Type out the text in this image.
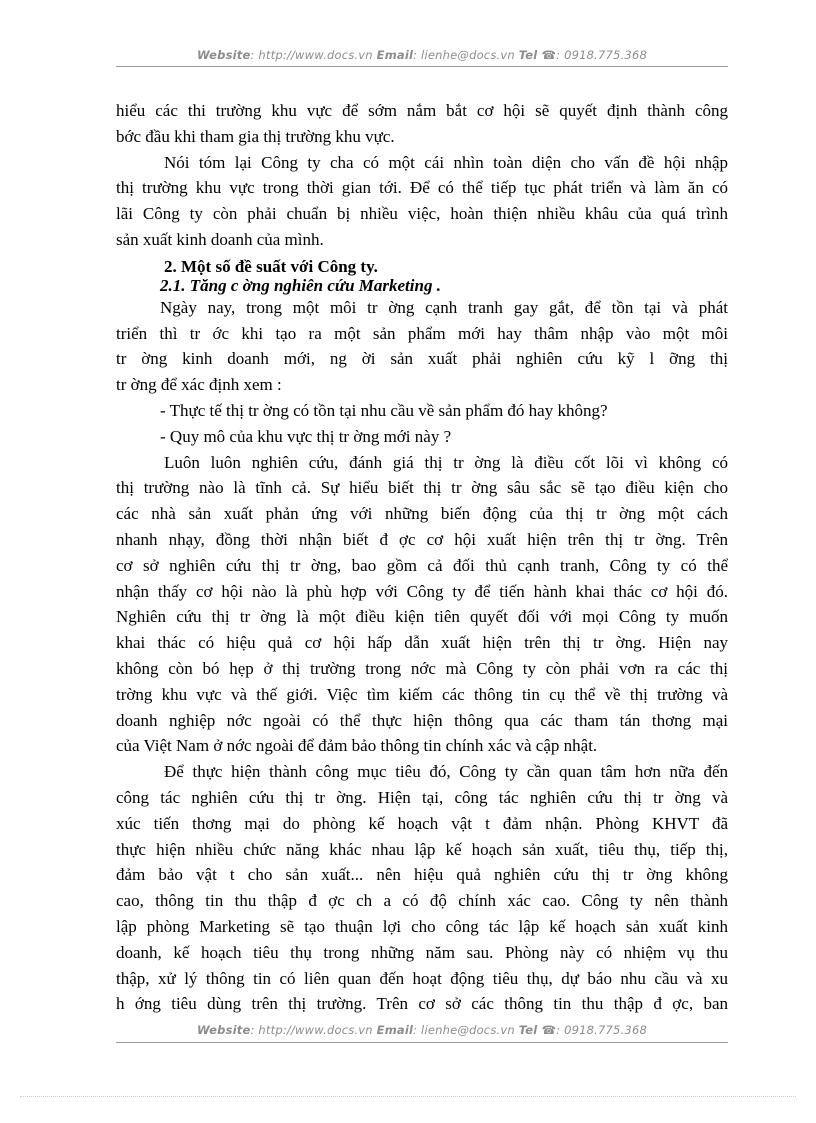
Website: http://www.docs.vn Email: lienhe@docs.vn Tel ☎: 0918.775.368
hiểu các thi trường khu vực để sớm nắm bắt cơ hội sẽ quyết định thành công
bớc đầu khi tham gia thị trường khu vực.
Nói tóm lại Công ty cha có một cái nhìn toàn diện cho vấn đề hội nhập
thị trường khu vực trong thời gian tới. Để có thể tiếp tục phát triển và làm ăn có
lãi Công ty còn phải chuẩn bị nhiều việc, hoàn thiện nhiều khâu của quá trình
sản xuất kinh doanh của mình.
2. Một số đề suất với Công ty.
2.1. Tăng c ờng nghiên cứu Marketing .
Ngày nay, trong một môi tr ờng cạnh tranh gay gắt, để tồn tại và phát
triển thì tr ớc khi tạo ra một sản phẩm mới hay thâm nhập vào một môi
tr ờng kinh doanh mới, ng ời sản xuất phải nghiên cứu kỹ l ỡng thị
tr ờng để xác định xem :
- Thực tế thị tr ờng có tồn tại nhu cầu về sản phẩm đó hay không?
- Quy mô của khu vực thị tr ờng mới này ?
Luôn luôn nghiên cứu, đánh giá thị tr ờng là điều cốt lõi vì không có
thị trường nào là tĩnh cả. Sự hiểu biết thị tr ờng sâu sắc sẽ tạo điều kiện cho
các nhà sản xuất phản ứng với những biến động của thị tr ờng một cách
nhanh nhạy, đồng thời nhận biết đ ợc cơ hội xuất hiện trên thị tr ờng. Trên
cơ sở nghiên cứu thị tr ờng, bao gồm cả đối thủ cạnh tranh, Công ty có thể
nhận thấy cơ hội nào là phù hợp với Công ty để tiến hành khai thác cơ hội đó.
Nghiên cứu thị tr ờng là một điều kiện tiên quyết đối với mọi Công ty muốn
khai thác có hiệu quả cơ hội hấp dẫn xuất hiện trên thị tr ờng. Hiện nay
không còn bó hẹp ở thị trường trong nớc mà Công ty còn phải vơn ra các thị
trờng khu vực và thế giới. Việc tìm kiếm các thông tin cụ thể về thị trường và
doanh nghiệp nớc ngoài có thể thực hiện thông qua các tham tán thơng mại
của Việt Nam ở nớc ngoài để đảm bảo thông tin chính xác và cập nhật.
Để thực hiện thành công mục tiêu đó, Công ty cần quan tâm hơn nữa đến
công tác nghiên cứu thị tr ờng. Hiện tại, công tác nghiên cứu thị tr ờng và
xúc tiến thơng mại do phòng kế hoạch vật t đảm nhận. Phòng KHVT đã
thực hiện nhiều chức năng khác nhau lập kế hoạch sản xuất, tiêu thụ, tiếp thị,
đảm bảo vật t cho sản xuất... nên hiệu quả nghiên cứu thị tr ờng không
cao, thông tin thu thập đ ợc ch a có độ chính xác cao. Công ty nên thành
lập phòng Marketing sẽ tạo thuận lợi cho công tác lập kế hoạch sản xuất kinh
doanh, kế hoạch tiêu thụ trong những năm sau. Phòng này có nhiệm vụ thu
thập, xử lý thông tin có liên quan đến hoạt động tiêu thụ, dự báo nhu cầu và xu
h ớng tiêu dùng trên thị trường. Trên cơ sở các thông tin thu thập đ ợc, ban
Website: http://www.docs.vn Email: lienhe@docs.vn Tel ☎: 0918.775.368
